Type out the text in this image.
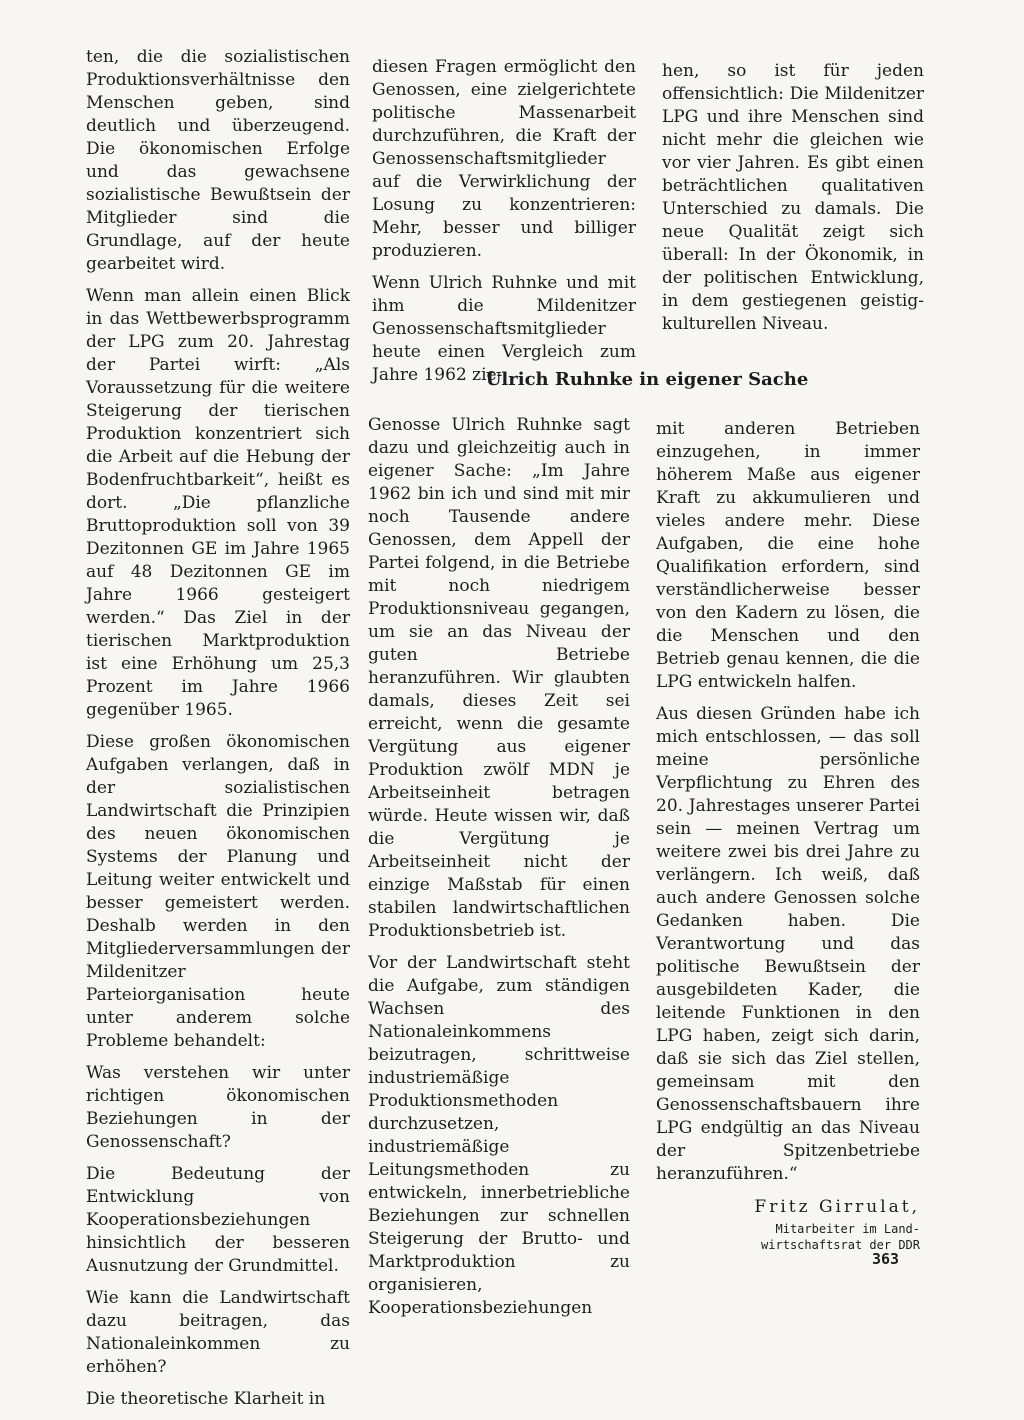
ten, die die sozialistischen Produktionsverhältnisse den Menschen geben, sind deutlich und überzeugend. Die ökonomischen Erfolge und das gewachsene sozialistische Bewußtsein der Mitglieder sind die Grundlage, auf der heute gearbeitet wird.

Wenn man allein einen Blick in das Wettbewerbsprogramm der LPG zum 20. Jahrestag der Partei wirft: „Als Voraussetzung für die weitere Steigerung der tierischen Produktion konzentriert sich die Arbeit auf die Hebung der Bodenfruchtbarkeit“, heißt es dort. „Die pflanzliche Bruttoproduktion soll von 39 Dezitonnen GE im Jahre 1965 auf 48 Dezitonnen GE im Jahre 1966 gesteigert werden.“ Das Ziel in der tierischen Marktproduktion ist eine Erhöhung um 25,3 Prozent im Jahre 1966 gegenüber 1965.

Diese großen ökonomischen Aufgaben verlangen, daß in der sozialistischen Landwirtschaft die Prinzipien des neuen ökonomischen Systems der Planung und Leitung weiter entwickelt und besser gemeistert werden. Deshalb werden in den Mitgliederversammlungen der Mildenitzer Parteiorganisation heute unter anderem solche Probleme behandelt:

Was verstehen wir unter richtigen ökonomischen Beziehungen in der Genossenschaft?

Die Bedeutung der Entwicklung von Kooperationsbeziehungen hinsichtlich der besseren Ausnutzung der Grundmittel.

Wie kann die Landwirtschaft dazu beitragen, das Nationaleinkommen zu erhöhen?

Die theoretische Klarheit in

diesen Fragen ermöglicht den Genossen, eine zielgerichtete politische Massenarbeit durchzuführen, die Kraft der Genossenschaftsmitglieder auf die Verwirklichung der Losung zu konzentrieren: Mehr, besser und billiger produzieren.

Wenn Ulrich Ruhnke und mit ihm die Mildenitzer Genossenschaftsmitglieder heute einen Vergleich zum Jahre 1962 zie-

hen, so ist für jeden offensichtlich: Die Mildenitzer LPG und ihre Menschen sind nicht mehr die gleichen wie vor vier Jahren. Es gibt einen beträchtlichen qualitativen Unterschied zu damals. Die neue Qualität zeigt sich überall: In der Ökonomik, in der politischen Entwicklung, in dem gestiegenen geistig-kulturellen Niveau.

Ulrich Ruhnke in eigener Sache

Genosse Ulrich Ruhnke sagt dazu und gleichzeitig auch in eigener Sache: „Im Jahre 1962 bin ich und sind mit mir noch Tausende andere Genossen, dem Appell der Partei folgend, in die Betriebe mit noch niedrigem Produktionsniveau gegangen, um sie an das Niveau der guten Betriebe heranzuführen. Wir glaubten damals, dieses Zeit sei erreicht, wenn die gesamte Vergütung aus eigener Produktion zwölf MDN je Arbeitseinheit betragen würde. Heute wissen wir, daß die Vergütung je Arbeitseinheit nicht der einzige Maßstab für einen stabilen landwirtschaftlichen Produktionsbetrieb ist.

Vor der Landwirtschaft steht die Aufgabe, zum ständigen Wachsen des Nationaleinkommens beizutragen, schrittweise industriemäßige Produktionsmethoden durchzusetzen, industriemäßige Leitungsmethoden zu entwickeln, innerbetriebliche Beziehungen zur schnellen Steigerung der Brutto- und Marktproduktion zu organisieren, Kooperationsbeziehungen

mit anderen Betrieben einzugehen, in immer höherem Maße aus eigener Kraft zu akkumulieren und vieles andere mehr. Diese Aufgaben, die eine hohe Qualifikation erfordern, sind verständlicherweise besser von den Kadern zu lösen, die die Menschen und den Betrieb genau kennen, die die LPG entwickeln halfen.

Aus diesen Gründen habe ich mich entschlossen, — das soll meine persönliche Verpflichtung zu Ehren des 20. Jahrestages unserer Partei sein — meinen Vertrag um weitere zwei bis drei Jahre zu verlängern. Ich weiß, daß auch andere Genossen solche Gedanken haben. Die Verantwortung und das politische Bewußtsein der ausgebildeten Kader, die leitende Funktionen in den LPG haben, zeigt sich darin, daß sie sich das Ziel stellen, gemeinsam mit den Genossenschaftsbauern ihre LPG endgültig an das Niveau der Spitzenbetriebe heranzuführen.“

Fritz Girrulat,
Mitarbeiter im Land-
wirtschaftsrat der DDR
363
